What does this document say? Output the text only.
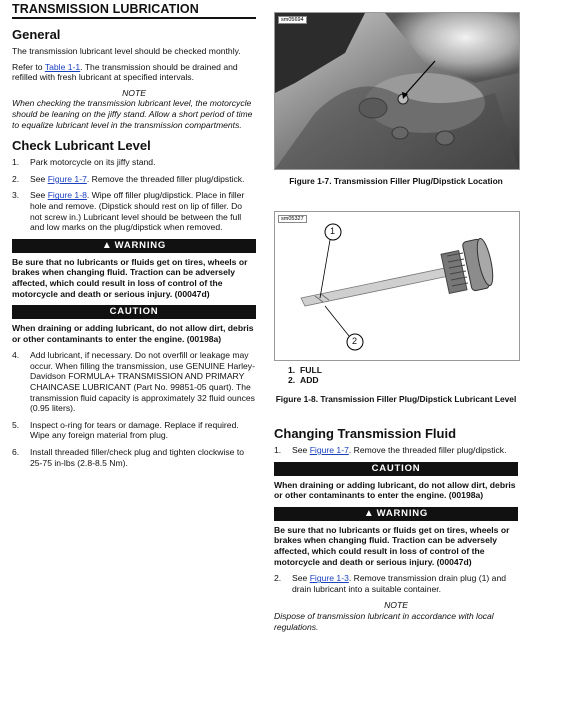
TRANSMISSION LUBRICATION
General

The transmission lubricant level should be checked monthly.

Refer to Table 1-1. The transmission should be drained and refilled with fresh lubricant at specified intervals.

NOTE

When checking the transmission lubricant level, the motorcycle should be leaning on the jiffy stand. Allow a short period of time to equalize lubricant level in the transmission compartments.

Check Lubricant Level
1.	Park motorcycle on its jiffy stand.
2.	See Figure 1-7. Remove the threaded filler plug/dipstick.
3.	See Figure 1-8. Wipe off filler plug/dipstick. Place in filler hole and remove. (Dipstick should rest on lip of filler. Do not screw in.) Lubricant level should be between the full and low marks on the plug/dipstick when removed.
▲ WARNING

Be sure that no lubricants or fluids get on tires, wheels or brakes when changing fluid. Traction can be adversely affected, which could result in loss of control of the motorcycle and death or serious injury. (00047d)

CAUTION

When draining or adding lubricant, do not allow dirt, debris or other contaminants to enter the engine. (00198a)

4.	Add lubricant, if necessary. Do not overfill or leakage may occur. When filling the transmission, use GENUINE Harley-Davidson FORMULA+ TRANSMISSION AND PRIMARY CHAINCASE LUBRICANT (Part No. 99851-05 quart). The transmission fluid capacity is approximately 32 fluid ounces (0.95 liters).
5.	Inspect o-ring for tears or damage. Replace if required. Wipe any foreign material from plug.
6.	Install threaded filler/check plug and tighten clockwise to 25-75 in-lbs (2.8-8.5 Nm).
sm05694
Figure 1-7. Transmission Filler Plug/Dipstick Location
sm05327
1
2
1. FULL
2. ADD
Figure 1-8. Transmission Filler Plug/Dipstick Lubricant Level
Changing Transmission Fluid
1.	See Figure 1-7. Remove the threaded filler plug/dipstick.
CAUTION

When draining or adding lubricant, do not allow dirt, debris or other contaminants to enter the engine. (00198a)

▲ WARNING

Be sure that no lubricants or fluids get on tires, wheels or brakes when changing fluid. Traction can be adversely affected, which could result in loss of control of the motorcycle and death or serious injury. (00047d)

2.	See Figure 1-3. Remove transmission drain plug (1) and drain lubricant into a suitable container.

NOTE

Dispose of transmission lubricant in accordance with local regulations.
